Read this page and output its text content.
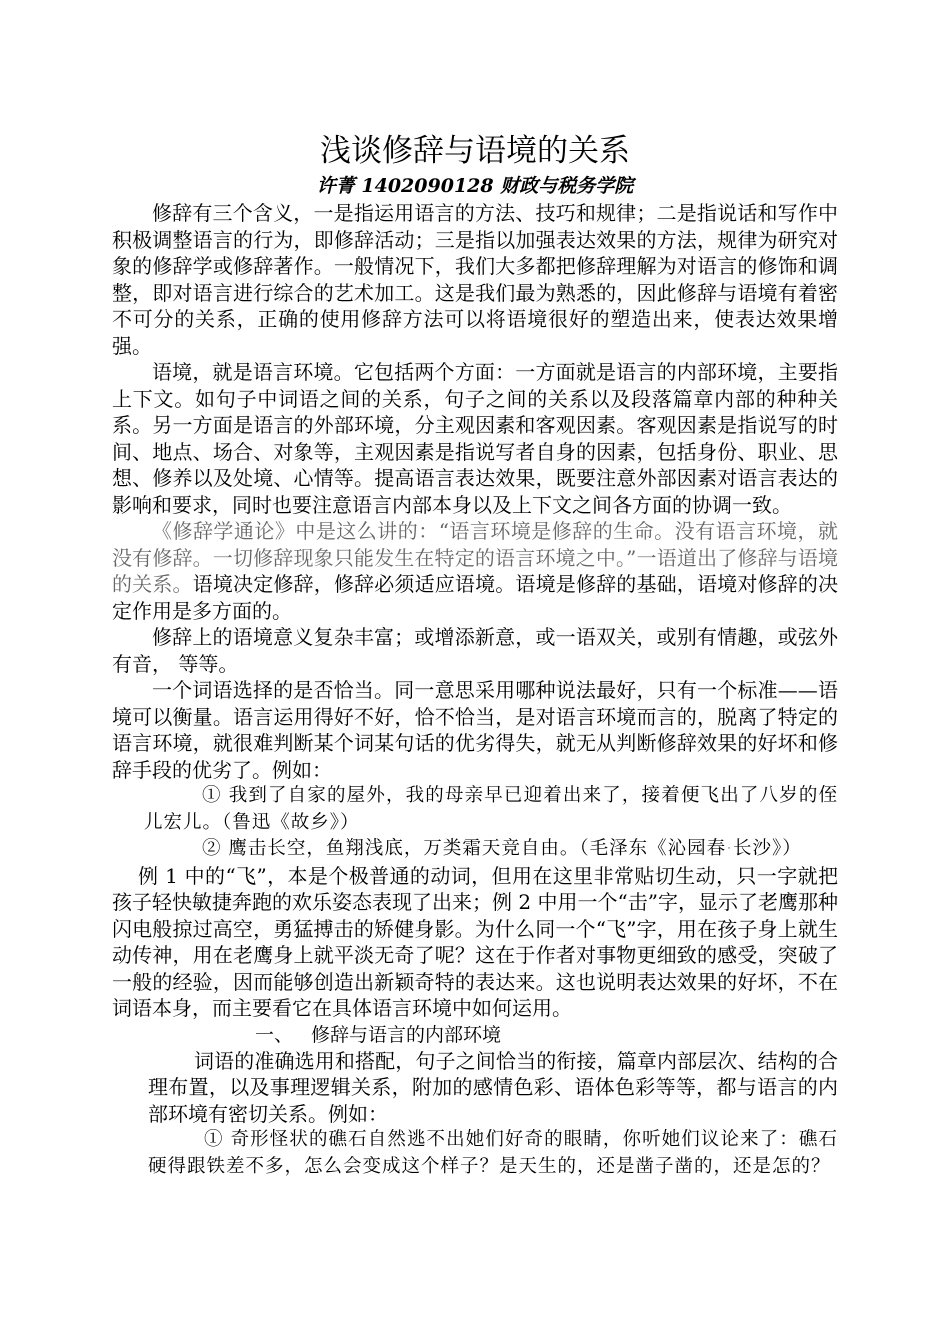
浅谈修辞与语境的关系
许菁 1402090128 财政与税务学院

修辞有三个含义，一是指运用语言的方法、技巧和规律；二是指说话和写作中积极调整语言的行为，即修辞活动；三是指以加强表达效果的方法，规律为研究对象的修辞学或修辞著作。一般情况下，我们大多都把修辞理解为对语言的修饰和调整，即对语言进行综合的艺术加工。这是我们最为熟悉的，因此修辞与语境有着密不可分的关系，正确的使用修辞方法可以将语境很好的塑造出来，使表达效果增强。

语境，就是语言环境。它包括两个方面：一方面就是语言的内部环境，主要指上下文。如句子中词语之间的关系，句子之间的关系以及段落篇章内部的种种关系。另一方面是语言的外部环境，分主观因素和客观因素。客观因素是指说写的时间、地点、场合、对象等，主观因素是指说写者自身的因素，包括身份、职业、思想、修养以及处境、心情等。提高语言表达效果，既要注意外部因素对语言表达的影响和要求，同时也要注意语言内部本身以及上下文之间各方面的协调一致。

《修辞学通论》中是这么讲的：“语言环境是修辞的生命。没有语言环境，就没有修辞。一切修辞现象只能发生在特定的语言环境之中。”一语道出了修辞与语境的关系。语境决定修辞，修辞必须适应语境。语境是修辞的基础，语境对修辞的决定作用是多方面的。

修辞上的语境意义复杂丰富；或增添新意，或一语双关，或别有情趣，或弦外有音， 等等。

一个词语选择的是否恰当。同一意思采用哪种说法最好，只有一个标准——语境可以衡量。语言运用得好不好，恰不恰当，是对语言环境而言的，脱离了特定的语言环境，就很难判断某个词某句话的优劣得失，就无从判断修辞效果的好坏和修辞手段的优劣了。例如：

① 我到了自家的屋外，我的母亲早已迎着出来了，接着便飞出了八岁的侄儿宏儿。（鲁迅《故乡》）

② 鹰击长空，鱼翔浅底，万类霜天竞自由。（毛泽东《沁园春·长沙》）

例 1 中的“飞”，本是个极普通的动词，但用在这里非常贴切生动，只一字就把孩子轻快敏捷奔跑的欢乐姿态表现了出来；例 2 中用一个“击”字，显示了老鹰那种闪电般掠过高空，勇猛搏击的矫健身影。为什么同一个“飞”字，用在孩子身上就生动传神，用在老鹰身上就平淡无奇了呢？这在于作者对事物更细致的感受，突破了一般的经验，因而能够创造出新颖奇特的表达来。这也说明表达效果的好坏，不在词语本身，而主要看它在具体语言环境中如何运用。

一、 修辞与语言的内部环境

词语的准确选用和搭配，句子之间恰当的衔接，篇章内部层次、结构的合理布置，以及事理逻辑关系，附加的感情色彩、语体色彩等等，都与语言的内部环境有密切关系。例如：

① 奇形怪状的礁石自然逃不出她们好奇的眼睛，你听她们议论来了：礁石硬得跟铁差不多，怎么会变成这个样子？是天生的，还是凿子凿的，还是怎的？
